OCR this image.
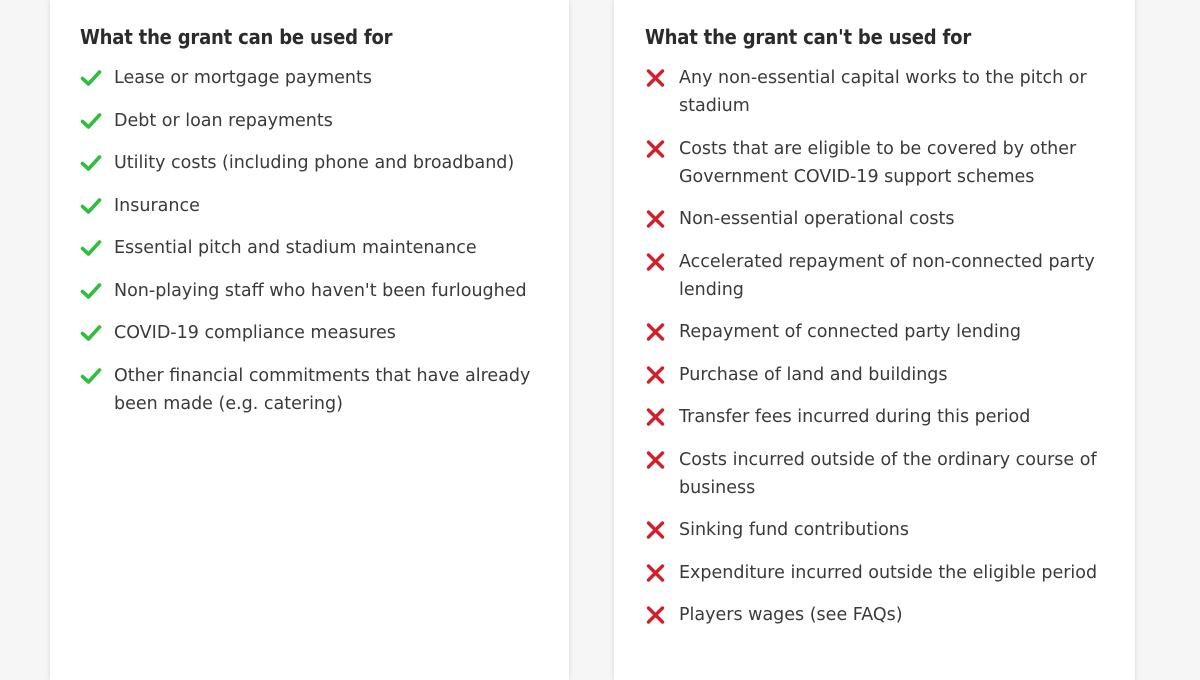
What the grant can be used for
Lease or mortgage payments
Debt or loan repayments
Utility costs (including phone and broadband)
Insurance
Essential pitch and stadium maintenance
Non-playing staff who haven't been furloughed
COVID-19 compliance measures
Other financial commitments that have already been made (e.g. catering)
What the grant can't be used for
Any non-essential capital works to the pitch or stadium
Costs that are eligible to be covered by other Government COVID-19 support schemes
Non-essential operational costs
Accelerated repayment of non-connected party lending
Repayment of connected party lending
Purchase of land and buildings
Transfer fees incurred during this period
Costs incurred outside of the ordinary course of business
Sinking fund contributions
Expenditure incurred outside the eligible period
Players wages (see FAQs)
